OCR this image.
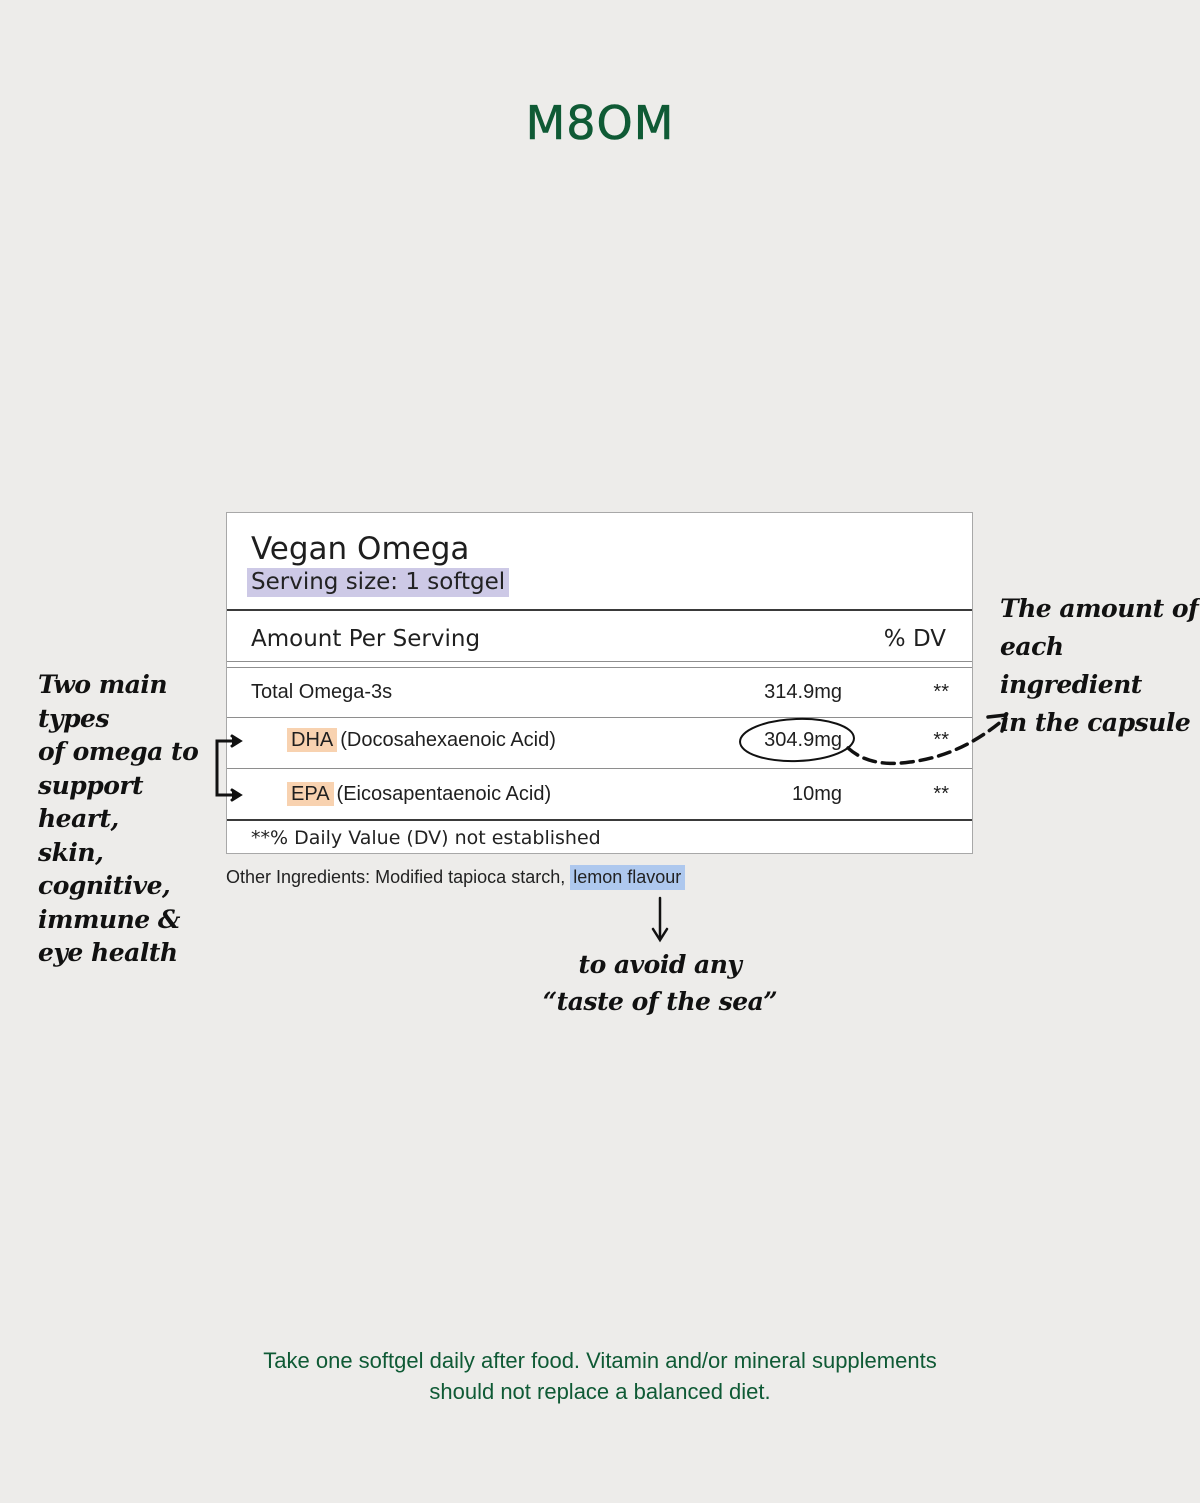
M8OM
Vegan Omega
Serving size: 1 softgel
Amount Per Serving	% DV
Total Omega-3s	314.9mg	**
DHA (Docosahexaenoic Acid)	304.9mg	**
EPA (Eicosapentaenoic Acid)	10mg	**
**% Daily Value (DV) not established
Other Ingredients: Modified tapioca starch, lemon flavour
Two main types
of omega to
support heart,
skin, cognitive,
immune &
eye health
The amount of
each ingredient
in the capsule
to avoid any
“taste of the sea”
Take one softgel daily after food. Vitamin and/or mineral supplements
should not replace a balanced diet.
